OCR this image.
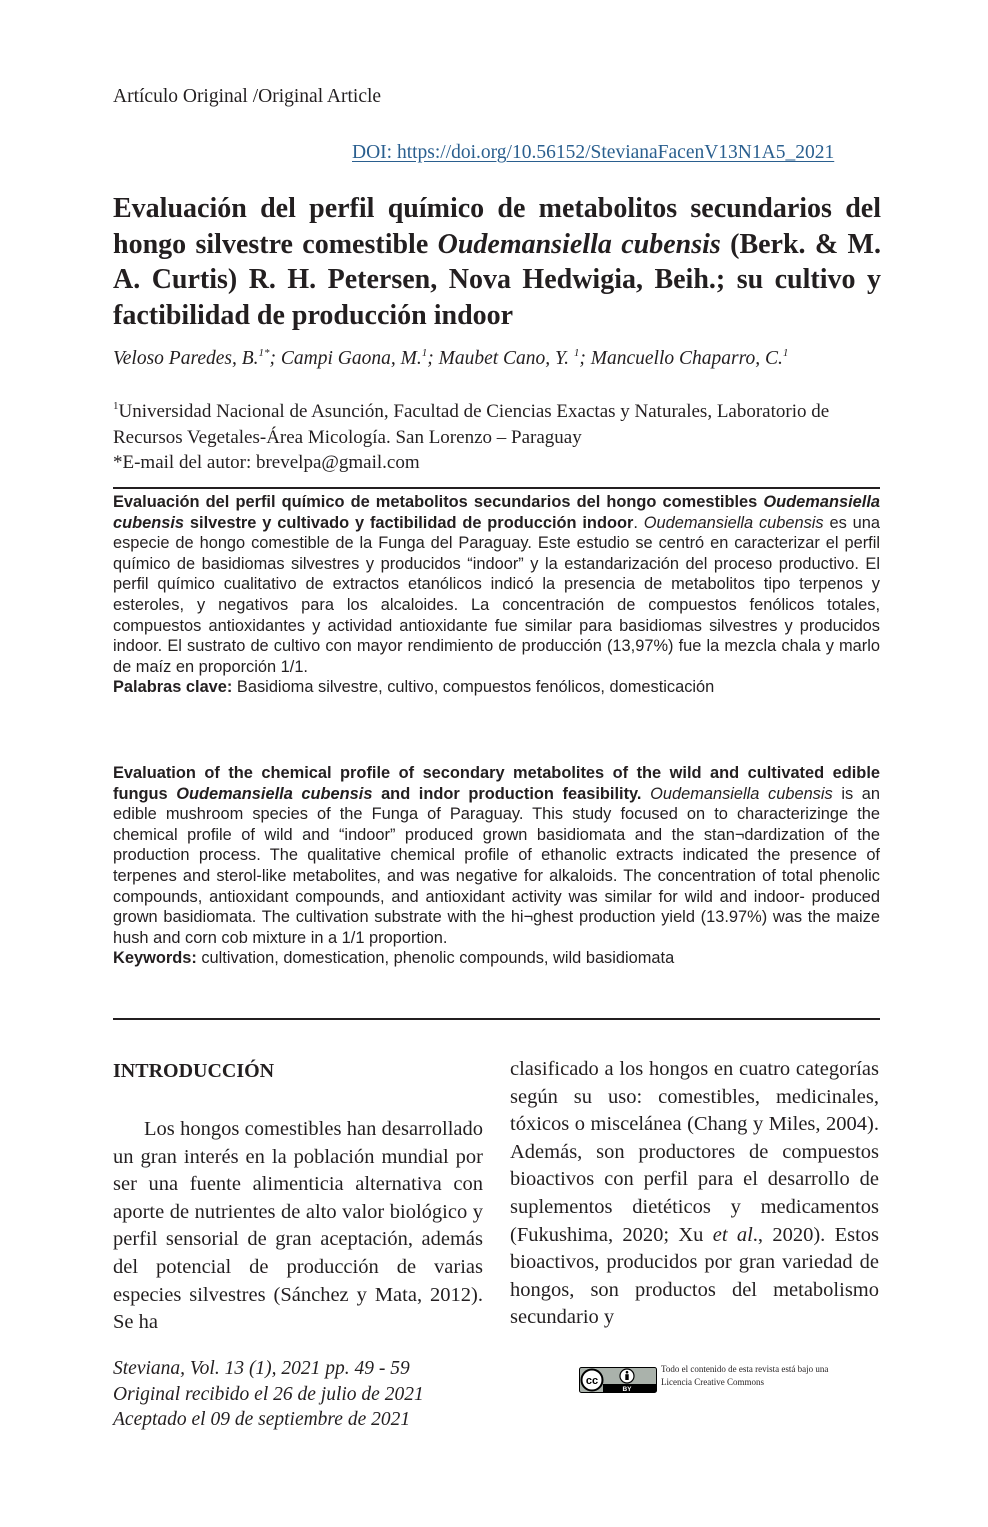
Artículo Original /Original Article
DOI: https://doi.org/10.56152/StevianaFacenV13N1A5_2021
Evaluación del perfil químico de metabolitos secundarios del hongo silvestre comestible Oudemansiella cubensis (Berk. & M. A. Curtis) R. H. Petersen, Nova Hedwigia, Beih.; su cultivo y factibilidad de producción indoor
Veloso Paredes, B.$^{1*}$; Campi Gaona, M.$^1$; Maubet Cano, Y. $^1$; Mancuello Chaparro, C.$^1$
$^1$Universidad Nacional de Asunción, Facultad de Ciencias Exactas y Naturales, Laboratorio de Recursos Vegetales-Área Micología. San Lorenzo – Paraguay
*E-mail del autor: brevelpa@gmail.com

Evaluación del perfil químico de metabolitos secundarios del hongo comestibles Oudemansiella cubensis silvestre y cultivado y factibilidad de producción indoor. Oudemansiella cubensis es una especie de hongo comestible de la Funga del Paraguay. Este estudio se centró en caracterizar el perfil químico de basidiomas silvestres y producidos “indoor” y la estandarización del proceso productivo. El perfil químico cualitativo de extractos etanólicos indicó la presencia de metabolitos tipo terpenos y esteroles, y negativos para los alcaloides. La concentración de compuestos fenólicos totales, compuestos antioxidantes y actividad antioxidante fue similar para basidiomas silvestres y producidos indoor. El sustrato de cultivo con mayor rendimiento de producción (13,97%) fue la mezcla chala y marlo de maíz en proporción 1/1.

Palabras clave: Basidioma silvestre, cultivo, compuestos fenólicos, domesticación

Evaluation of the chemical profile of secondary metabolites of the wild and cultivated edible fungus Oudemansiella cubensis and indor production feasibility. Oudemansiella cubensis is an edible mushroom species of the Funga of Paraguay. This study focused on to characterizinge the chemical profile of wild and “indoor” produced grown basidiomata and the stan¬dardization of the production process. The qualitative chemical profile of ethanolic extracts indicated the presence of terpenes and sterol-like metabolites, and was negative for alkaloids. The concentration of total phenolic compounds, antioxidant compounds, and antioxidant activity was similar for wild and indoor- produced grown basidiomata. The cultivation substrate with the hi¬ghest production yield (13.97%) was the maize hush and corn cob mixture in a 1/1 proportion.

Keywords: cultivation, domestication, phenolic compounds, wild basidiomata

INTRODUCCIÓN

Los hongos comestibles han desarrollado un gran interés en la población mundial por ser una fuente alimenticia alternativa con aporte de nutrientes de alto valor biológico y perfil sensorial de gran aceptación, además del potencial de producción de varias especies silvestres (Sánchez y Mata, 2012). Se ha

clasificado a los hongos en cuatro categorías según su uso: comestibles, medicinales, tóxicos o miscelánea (Chang y Miles, 2004). Además, son productores de compuestos bioactivos con perfil para el desarrollo de suplementos dietéticos y medicamentos (Fukushima, 2020; Xu et al., 2020). Estos bioactivos, producidos por gran variedad de hongos, son productos del metabolismo secundario y

Steviana, Vol. 13 (1), 2021 pp. 49 - 59
Original recibido el 26 de julio de 2021
Aceptado el 09 de septiembre de 2021
cc
BY
Todo el contenido de esta revista está bajo una
Licencia Creative Commons
